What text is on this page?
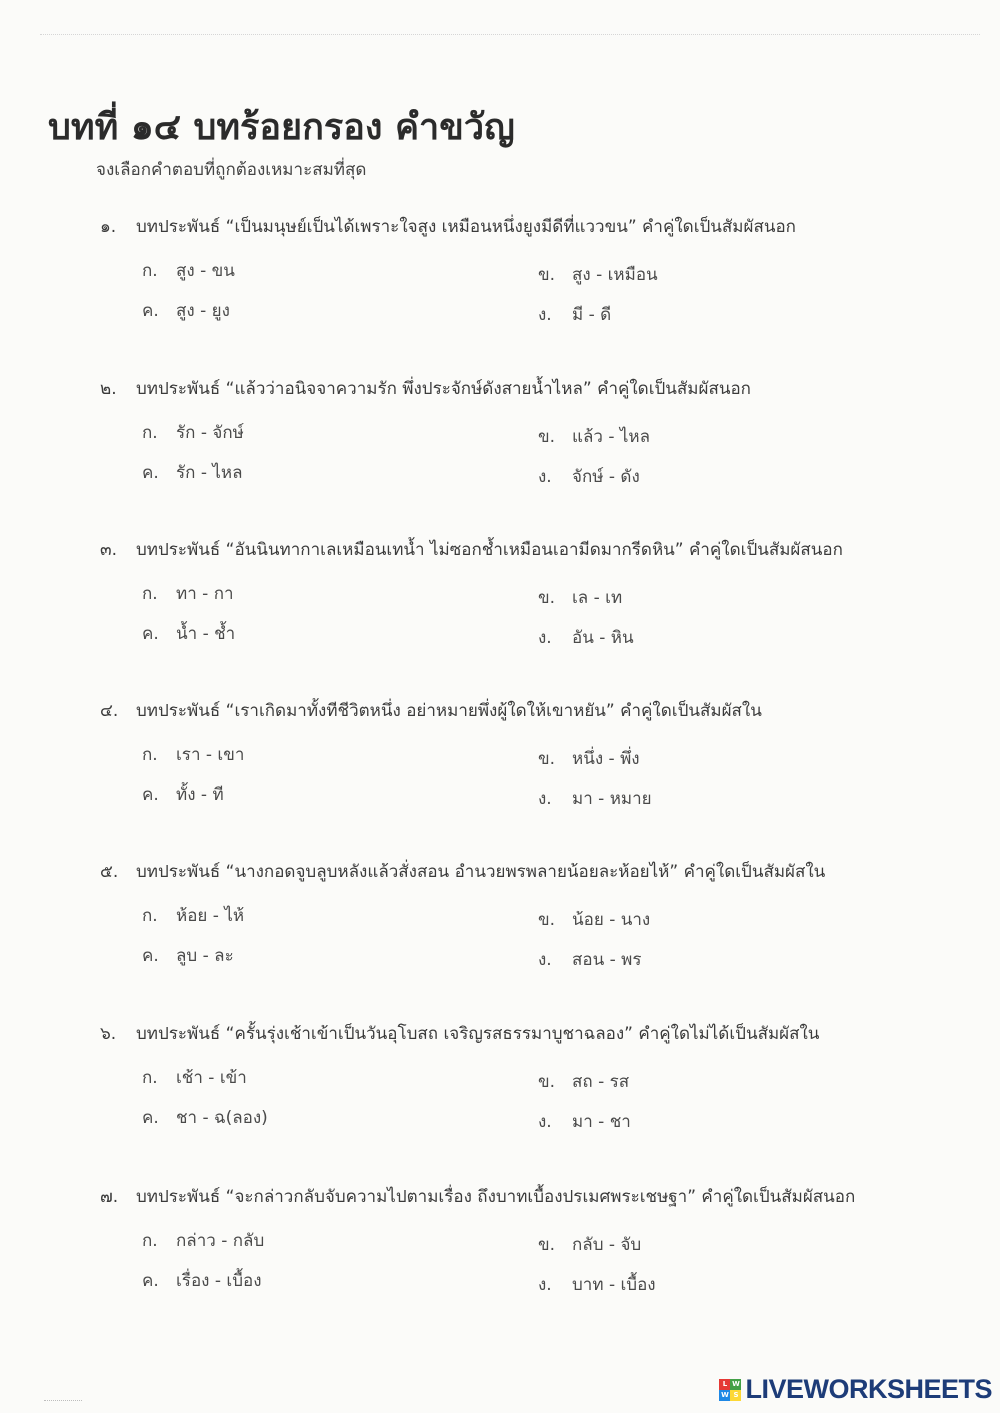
บทที่ ๑๔ บทร้อยกรอง คำขวัญ
จงเลือกคำตอบที่ถูกต้องเหมาะสมที่สุด
๑. บทประพันธ์ “เป็นมนุษย์เป็นได้เพราะใจสูง เหมือนหนึ่งยูงมีดีที่แววขน” คำคู่ใดเป็นสัมผัสนอก
ก. สูง - ขน	ข. สูง - เหมือน
ค. สูง - ยูง	ง. มี - ดี
๒. บทประพันธ์ “แล้วว่าอนิจจาความรัก พึ่งประจักษ์ดังสายน้ำไหล” คำคู่ใดเป็นสัมผัสนอก
ก. รัก - จักษ์	ข. แล้ว - ไหล
ค. รัก - ไหล	ง. จักษ์ - ดัง
๓. บทประพันธ์ “อันนินทากาเลเหมือนเทน้ำ ไม่ซอกช้ำเหมือนเอามีดมากรีดหิน” คำคู่ใดเป็นสัมผัสนอก
ก. ทา - กา	ข. เล - เท
ค. น้ำ - ช้ำ	ง. อัน - หิน
๔. บทประพันธ์ “เราเกิดมาทั้งทีชีวิตหนึ่ง อย่าหมายพึ่งผู้ใดให้เขาหยัน” คำคู่ใดเป็นสัมผัสใน
ก. เรา - เขา	ข. หนึ่ง - พึ่ง
ค. ทั้ง - ที	ง. มา - หมาย
๕. บทประพันธ์ “นางกอดจูบลูบหลังแล้วสั่งสอน อำนวยพรพลายน้อยละห้อยไห้” คำคู่ใดเป็นสัมผัสใน
ก. ห้อย - ไห้	ข. น้อย - นาง
ค. ลูบ - ละ	ง. สอน - พร
๖. บทประพันธ์ “ครั้นรุ่งเช้าเข้าเป็นวันอุโบสถ เจริญรสธรรมาบูชาฉลอง” คำคู่ใดไม่ได้เป็นสัมผัสใน
ก. เช้า - เข้า	ข. สถ - รส
ค. ชา - ฉ(ลอง)	ง. มา - ชา
๗. บทประพันธ์ “จะกล่าวกลับจับความไปตามเรื่อง ถึงบาทเบื้องปรเมศพระเชษฐา” คำคู่ใดเป็นสัมผัสนอก
ก. กล่าว - กลับ	ข. กลับ - จับ
ค. เรื่อง - เบื้อง	ง. บาท - เบื้อง
L W
W S LIVEWORKSHEETS
